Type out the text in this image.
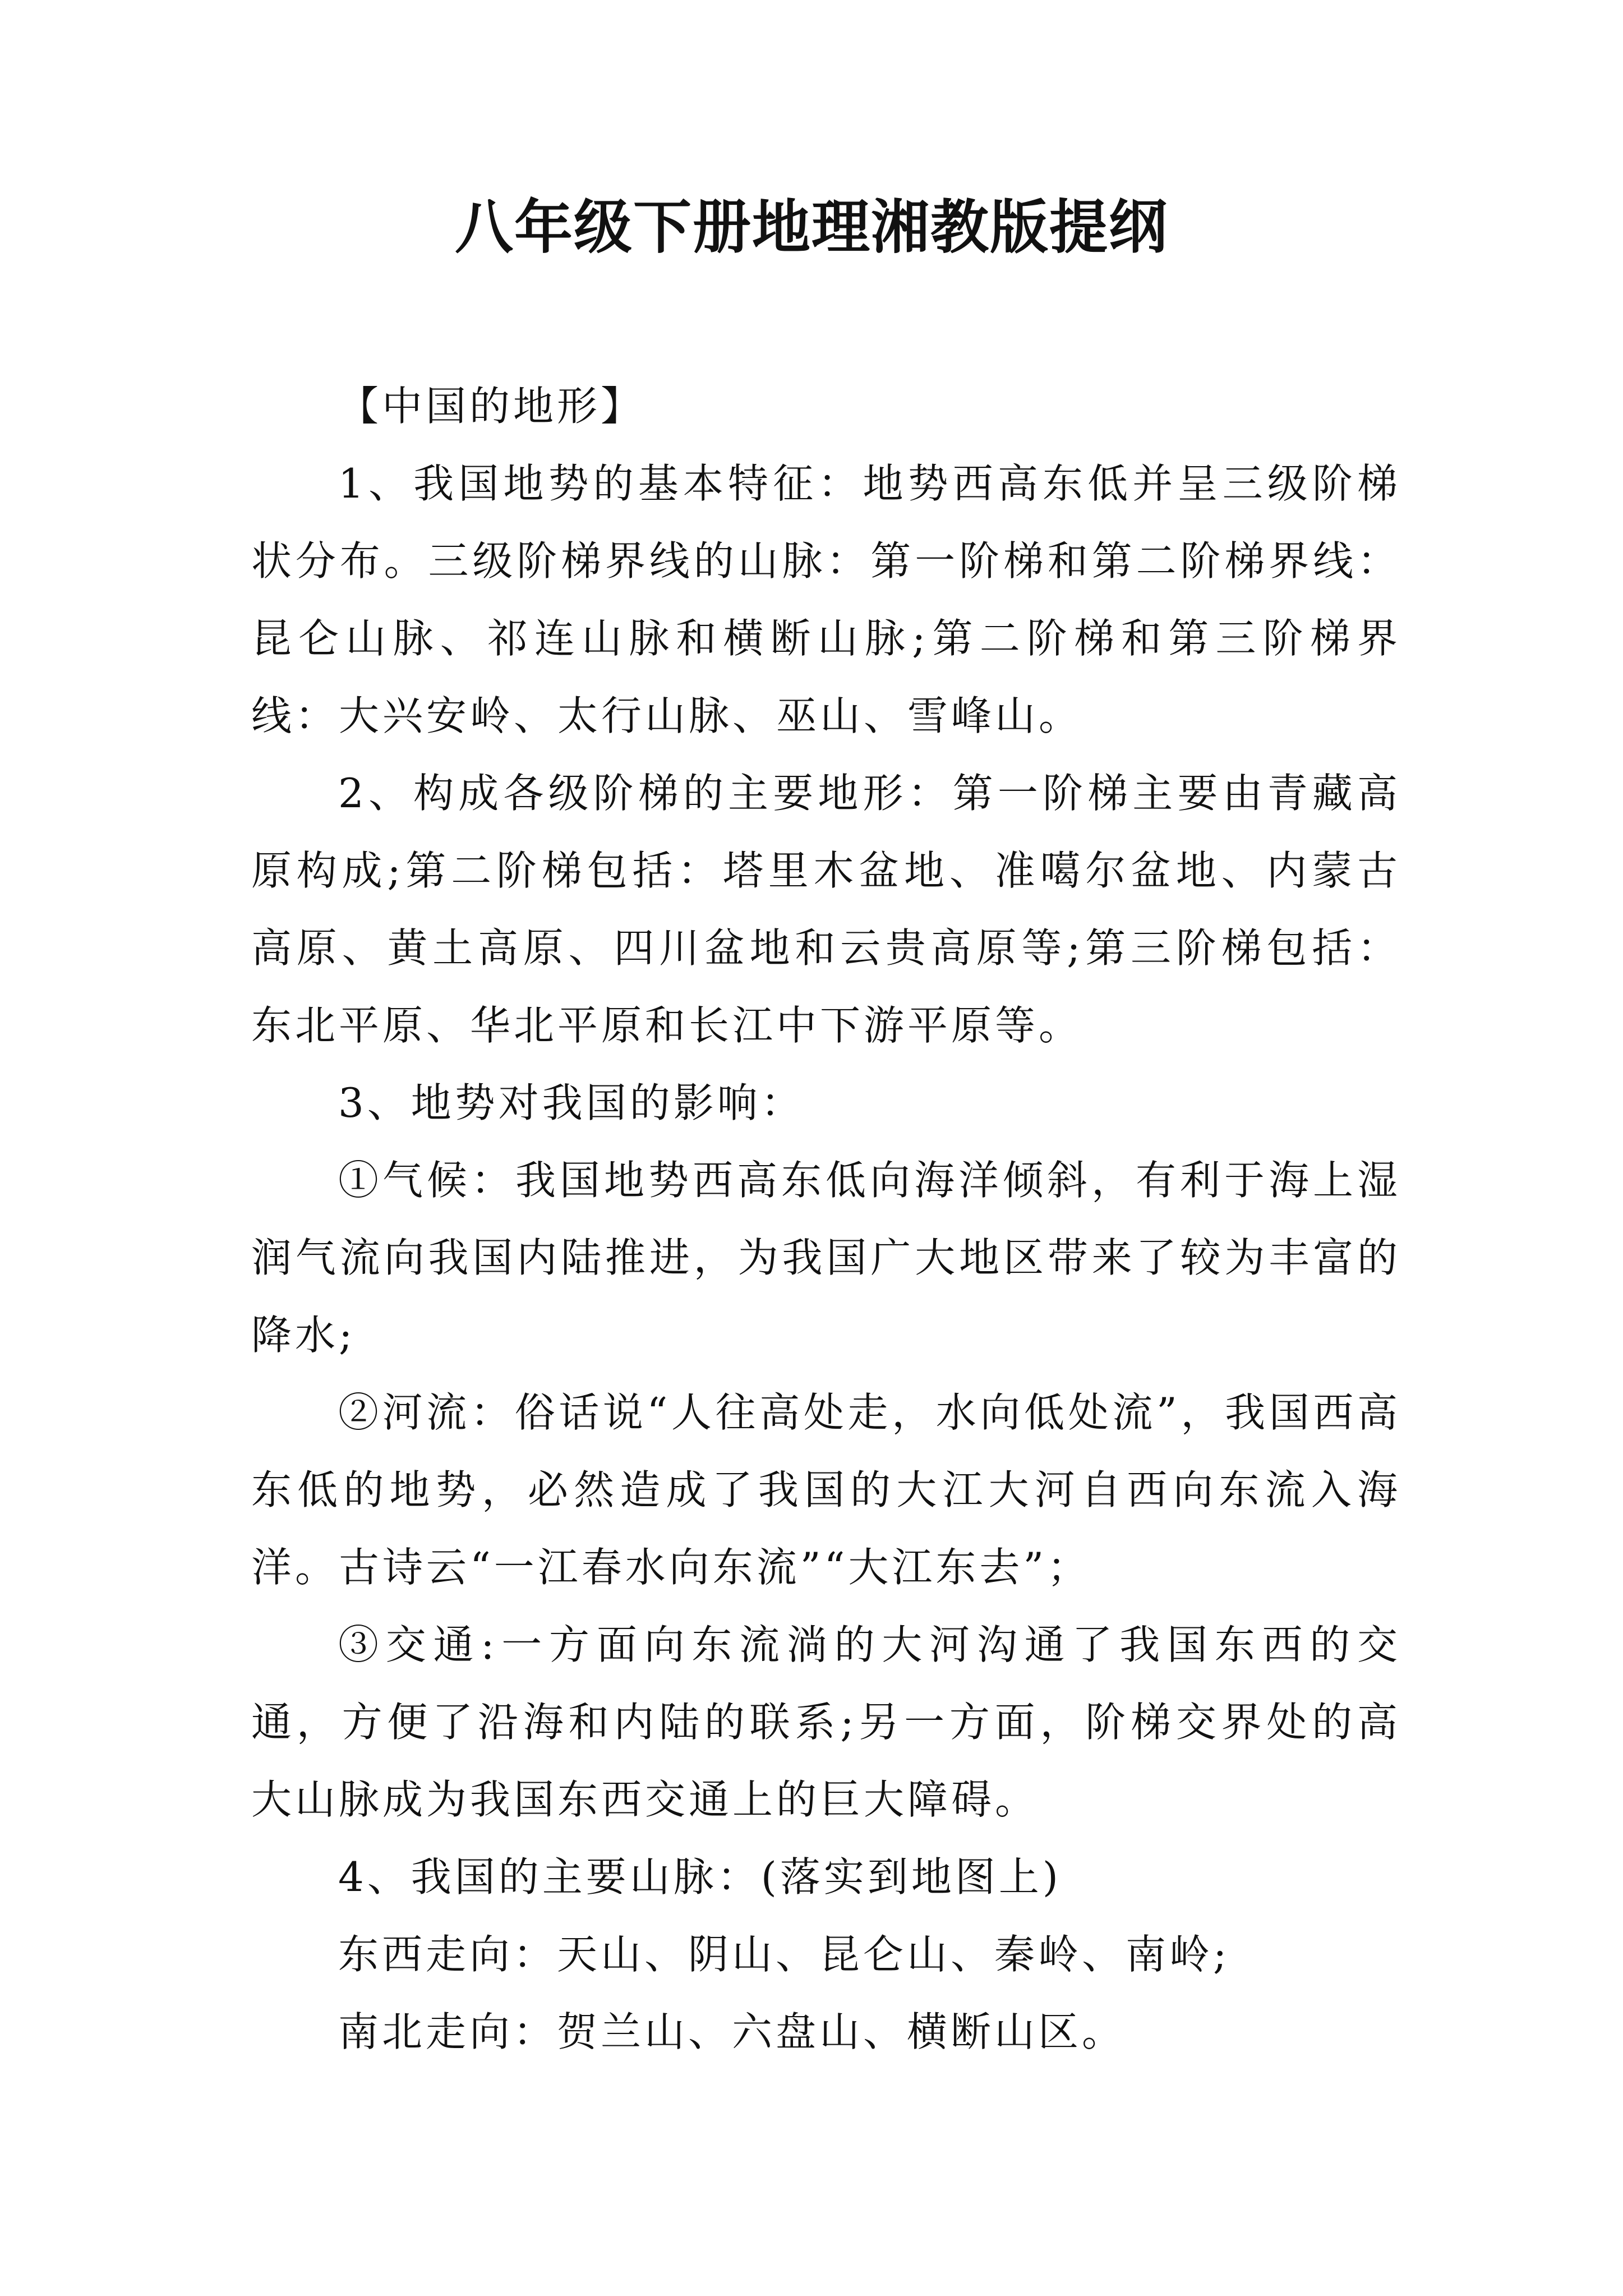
八年级下册地理湘教版提纲

【中国的地形】

1、我国地势的基本特征：地势西高东低并呈三级阶梯状分布。三级阶梯界线的山脉：第一阶梯和第二阶梯界线：昆仑山脉、祁连山脉和横断山脉;第二阶梯和第三阶梯界线：大兴安岭、太行山脉、巫山、雪峰山。

2、构成各级阶梯的主要地形：第一阶梯主要由青藏高原构成;第二阶梯包括：塔里木盆地、准噶尔盆地、内蒙古高原、黄土高原、四川盆地和云贵高原等;第三阶梯包括：东北平原、华北平原和长江中下游平原等。

3、地势对我国的影响：

①气候：我国地势西高东低向海洋倾斜，有利于海上湿润气流向我国内陆推进，为我国广大地区带来了较为丰富的降水;

②河流：俗话说“人往高处走，水向低处流”，我国西高东低的地势，必然造成了我国的大江大河自西向东流入海洋。古诗云“一江春水向东流”“大江东去”；

③交通:一方面向东流淌的大河沟通了我国东西的交通，方便了沿海和内陆的联系;另一方面，阶梯交界处的高大山脉成为我国东西交通上的巨大障碍。

4、我国的主要山脉：(落实到地图上)

东西走向：天山、阴山、昆仑山、秦岭、南岭;

南北走向：贺兰山、六盘山、横断山区。
